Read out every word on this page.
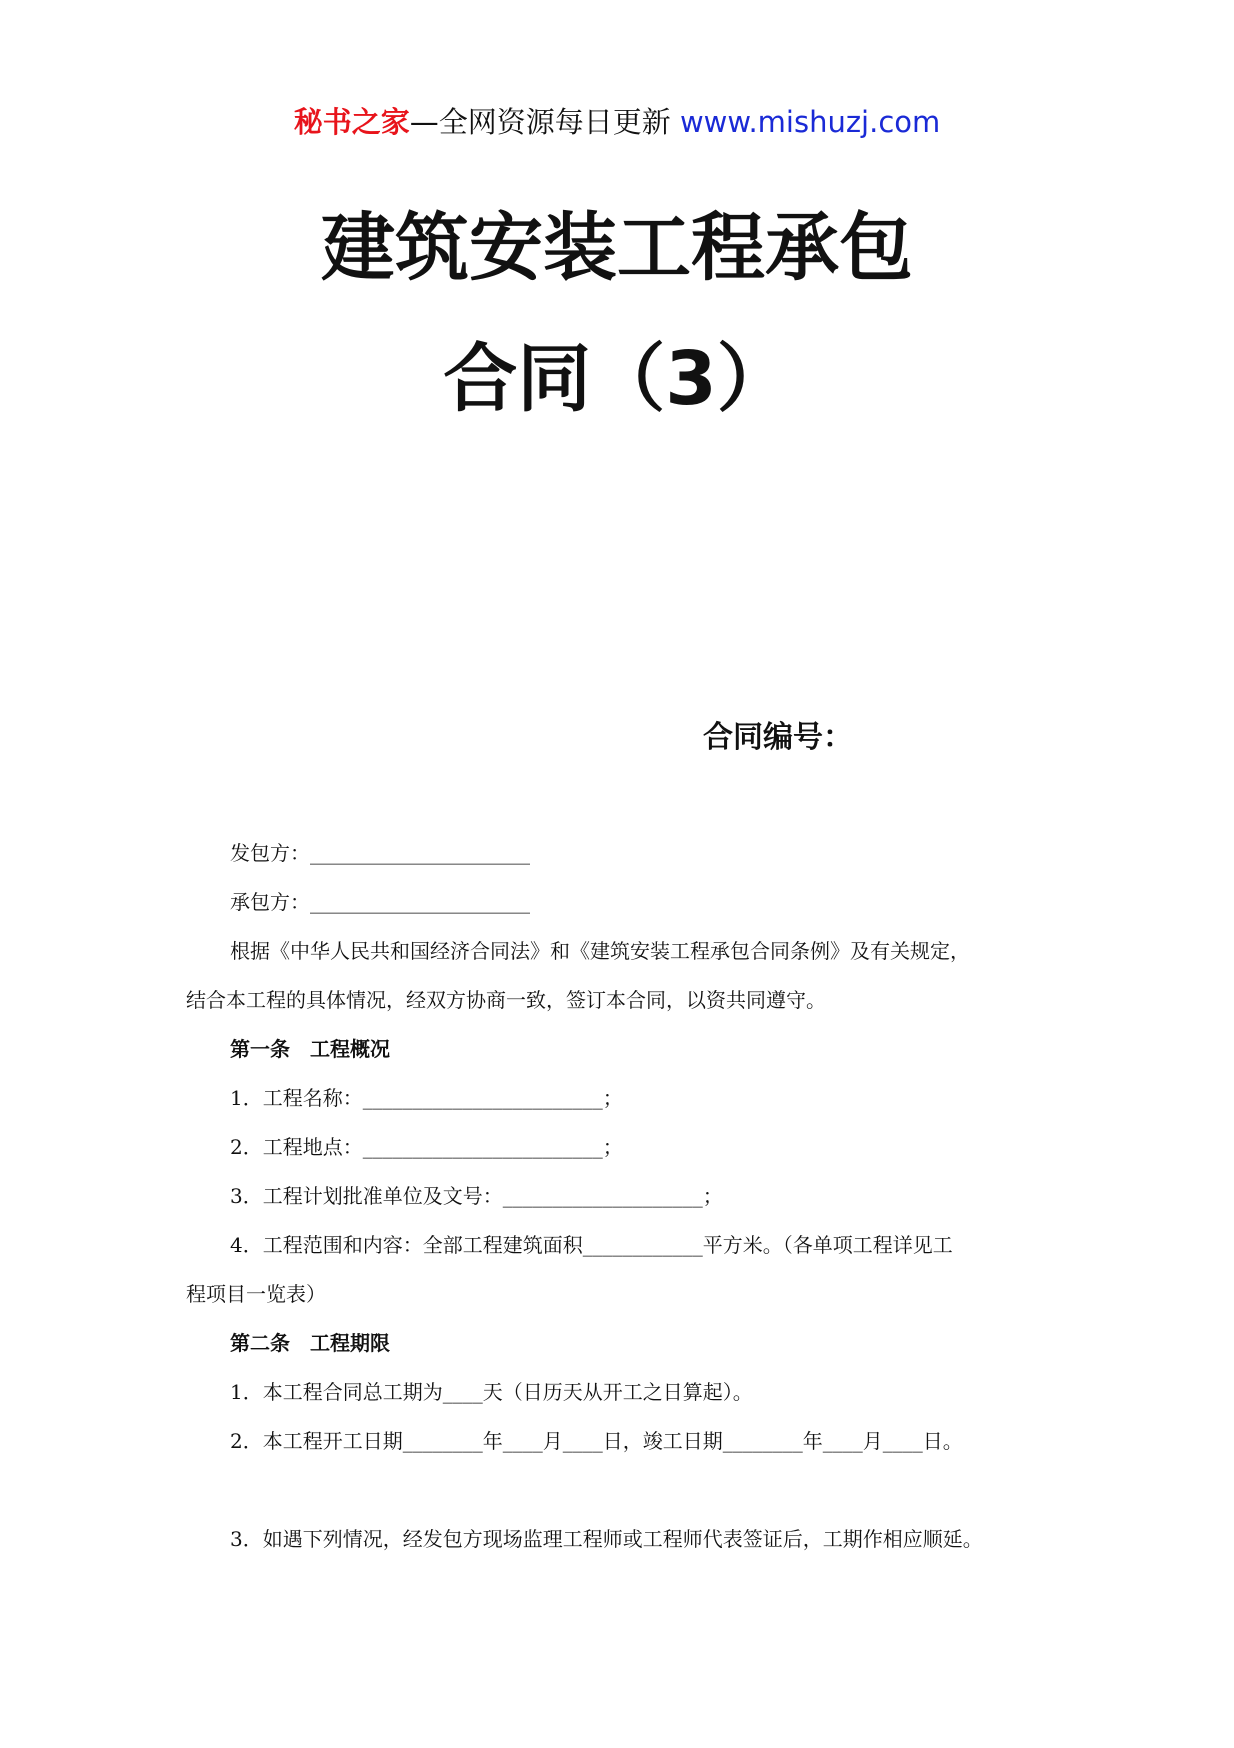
秘书之家—全网资源每日更新 www.mishuzj.com
建筑安装工程承包
合同（3）
合同编号：
发包方：______________________
承包方：______________________
根据《中华人民共和国经济合同法》和《建筑安装工程承包合同条例》及有关规定，
结合本工程的具体情况，经双方协商一致，签订本合同，以资共同遵守。
第一条　工程概况
1．工程名称：________________________；
2．工程地点：________________________；
3．工程计划批准单位及文号：____________________；
4．工程范围和内容：全部工程建筑面积____________平方米。（各单项工程详见工
程项目一览表）
第二条　工程期限
1．本工程合同总工期为____天（日历天从开工之日算起）。
2．本工程开工日期________年____月____日，竣工日期________年____月____日。
3．如遇下列情况，经发包方现场监理工程师或工程师代表签证后，工期作相应顺延。
